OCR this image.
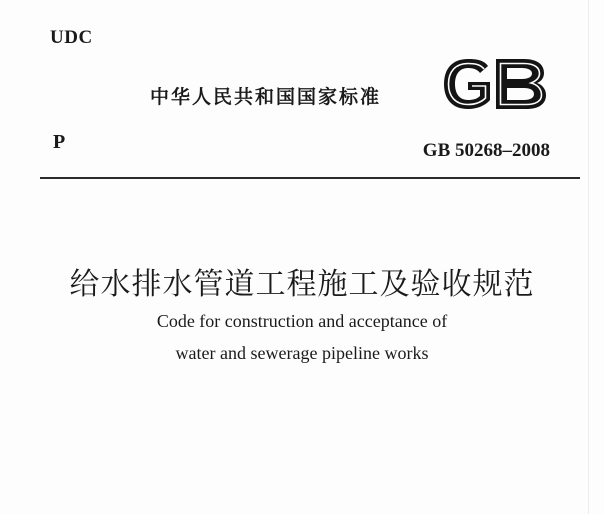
UDC
中华人民共和国国家标准
P	GB 50268–2008
给水排水管道工程施工及验收规范
Code for construction and acceptance of
water and sewerage pipeline works
